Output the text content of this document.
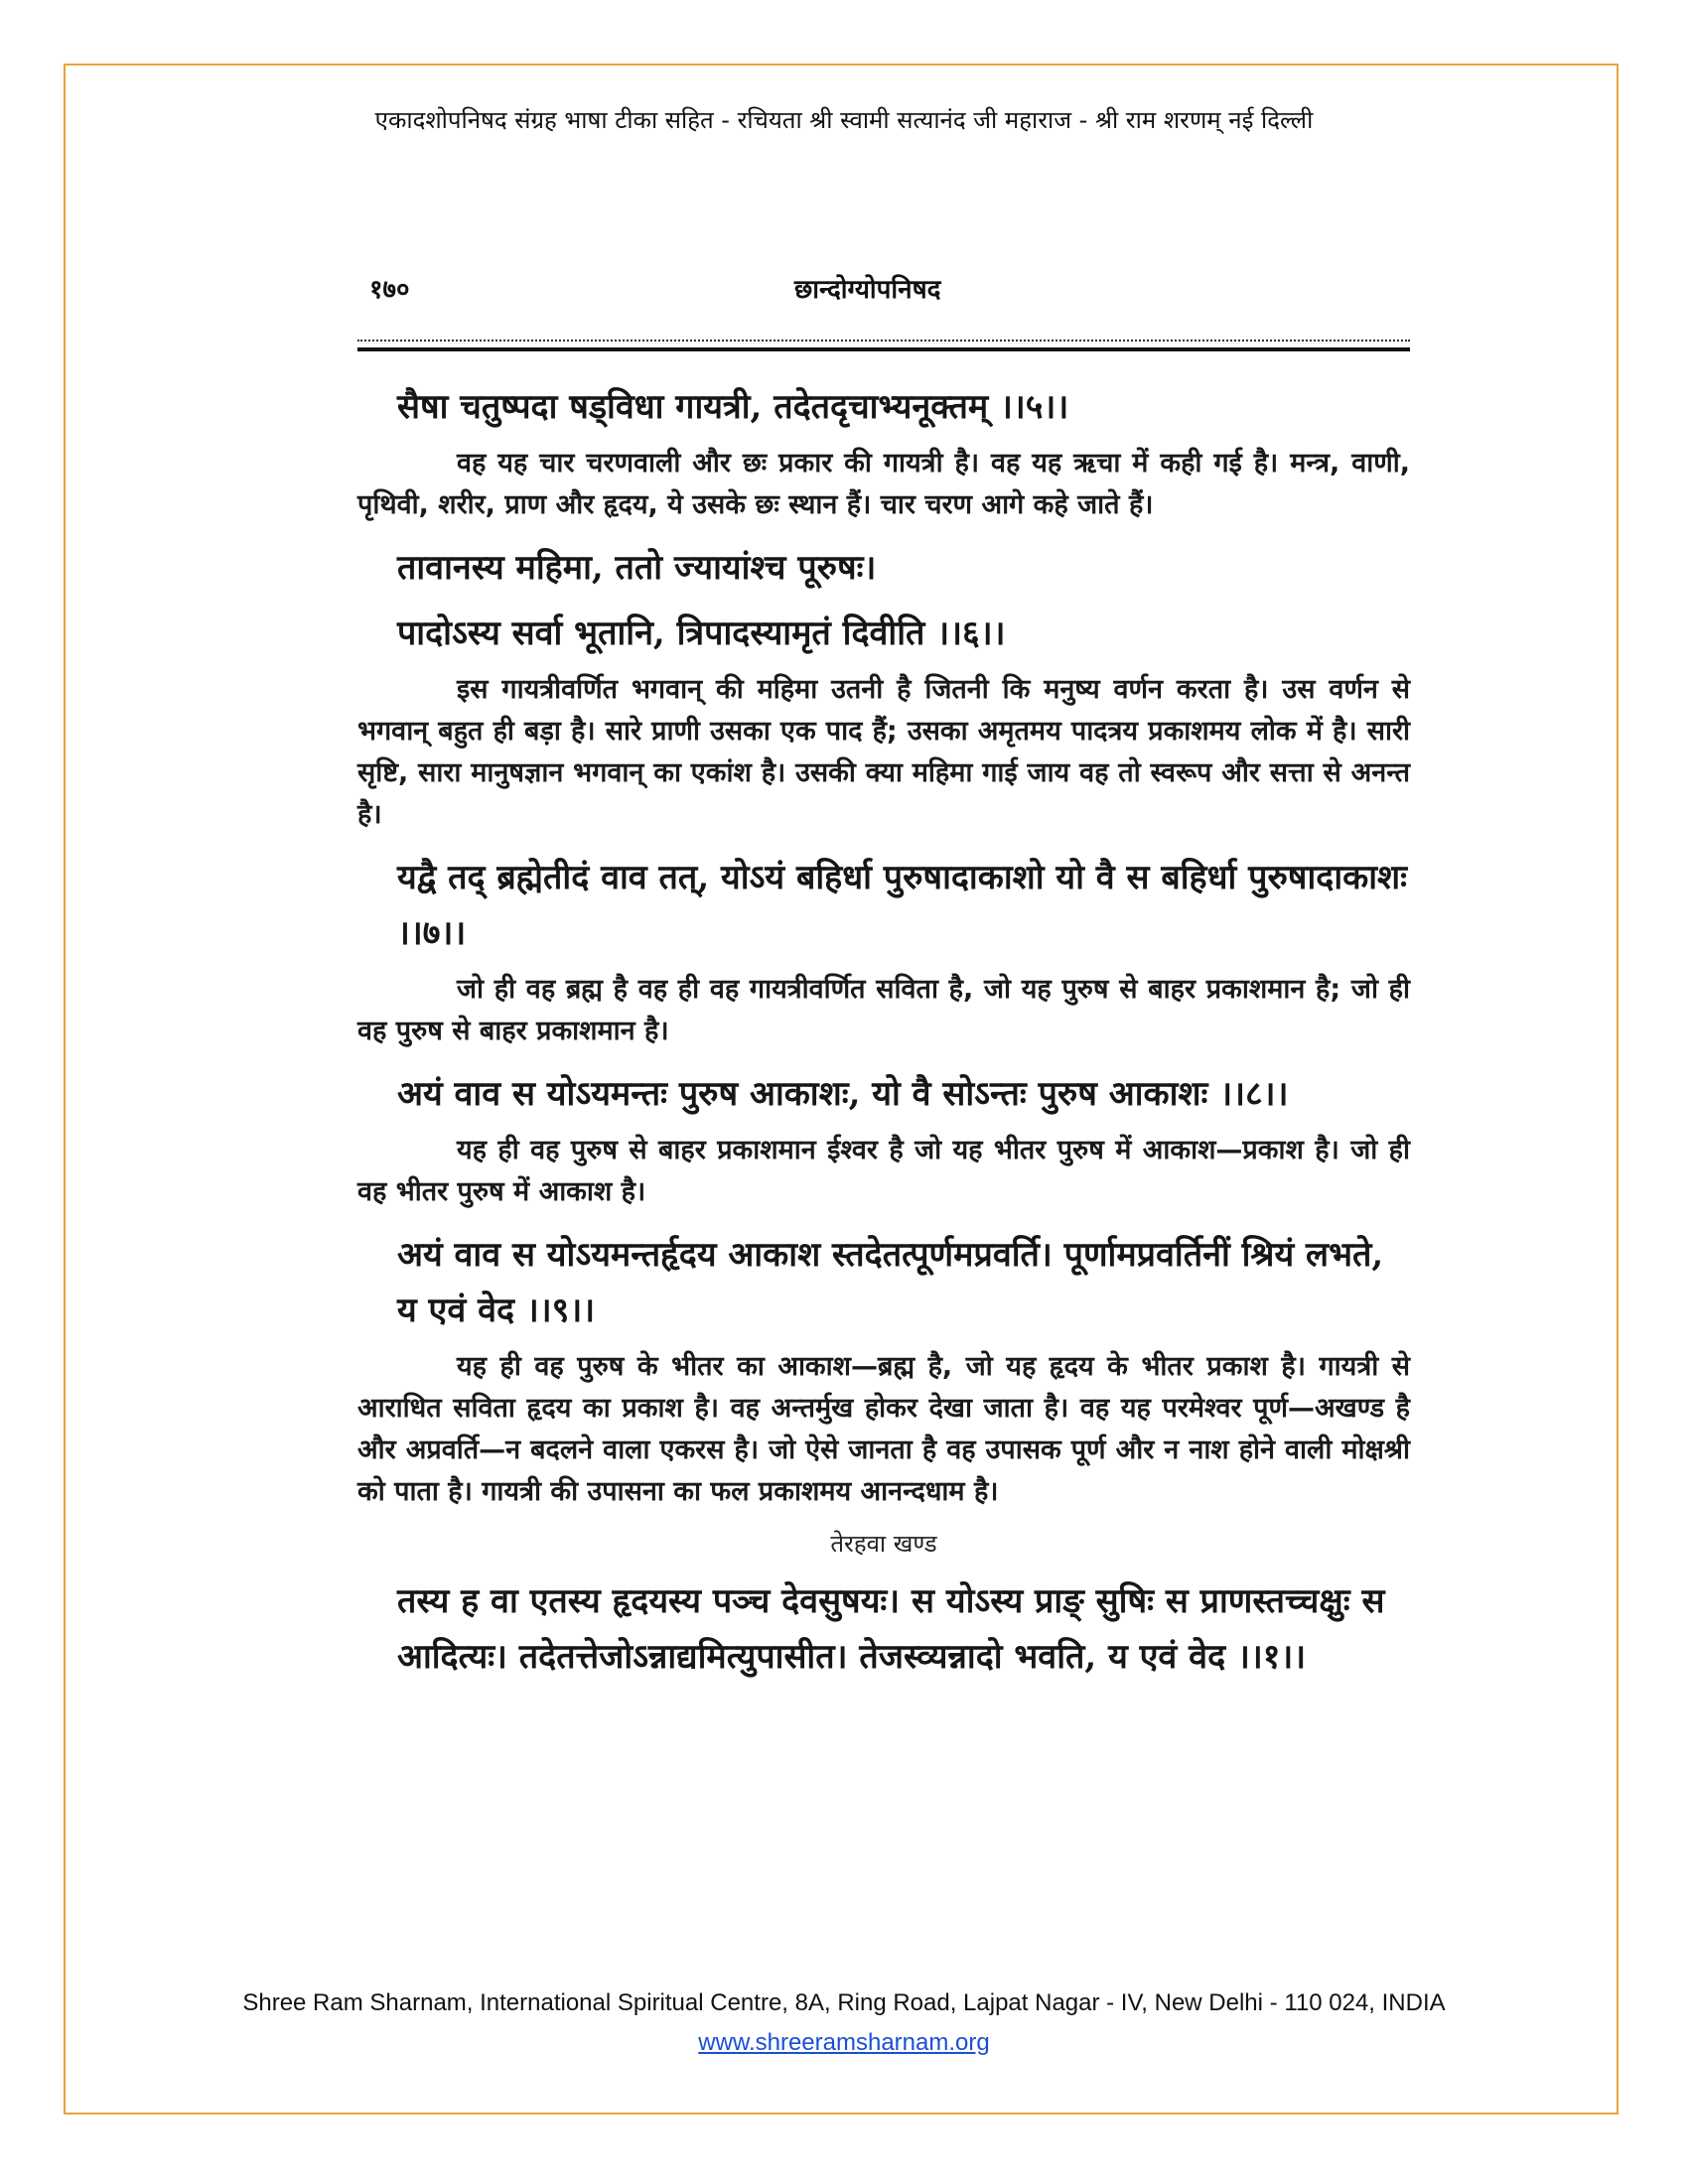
एकादशोपनिषद संग्रह भाषा टीका सहित - रचियता श्री स्वामी सत्यानंद जी महाराज - श्री राम शरणम् नई दिल्ली
१७०	छान्दोग्योपनिषद
सैषा चतुष्पदा षड्विधा गायत्री, तदेतदृचाभ्यनूक्तम् ।।५।।
वह यह चार चरणवाली और छः प्रकार की गायत्री है। वह यह ऋचा में कही गई है। मन्त्र, वाणी, पृथिवी, शरीर, प्राण और हृदय, ये उसके छः स्थान हैं। चार चरण आगे कहे जाते हैं।
तावानस्य महिमा, ततो ज्यायांश्च पूरुषः।
पादोऽस्य सर्वा भूतानि, त्रिपादस्यामृतं दिवीति ।।६।।
इस गायत्रीवर्णित भगवान् की महिमा उतनी है जितनी कि मनुष्य वर्णन करता है। उस वर्णन से भगवान् बहुत ही बड़ा है। सारे प्राणी उसका एक पाद हैं; उसका अमृतमय पादत्रय प्रकाशमय लोक में है। सारी सृष्टि, सारा मानुषज्ञान भगवान् का एकांश है। उसकी क्या महिमा गाई जाय वह तो स्वरूप और सत्ता से अनन्त है।
यद्वै तद् ब्रह्मेतीदं वाव तत्, योऽयं बहिर्धा पुरुषादाकाशो यो वै स बहिर्धा पुरुषादाकाशः ।।७।।
जो ही वह ब्रह्म है वह ही वह गायत्रीवर्णित सविता है, जो यह पुरुष से बाहर प्रकाशमान है; जो ही वह पुरुष से बाहर प्रकाशमान है।
अयं वाव स योऽयमन्तः पुरुष आकाशः, यो वै सोऽन्तः पुरुष आकाशः ।।८।।
यह ही वह पुरुष से बाहर प्रकाशमान ईश्वर है जो यह भीतर पुरुष में आकाश—प्रकाश है। जो ही वह भीतर पुरुष में आकाश है।
अयं वाव स योऽयमन्तर्हृदय आकाश स्तदेतत्पूर्णमप्रवर्ति। पूर्णामप्रवर्तिनीं श्रियं लभते, य एवं वेद ।।९।।
यह ही वह पुरुष के भीतर का आकाश—ब्रह्म है, जो यह हृदय के भीतर प्रकाश है। गायत्री से आराधित सविता हृदय का प्रकाश है। वह अन्तर्मुख होकर देखा जाता है। वह यह परमेश्वर पूर्ण—अखण्ड है और अप्रवर्ति—न बदलने वाला एकरस है। जो ऐसे जानता है वह उपासक पूर्ण और न नाश होने वाली मोक्षश्री को पाता है। गायत्री की उपासना का फल प्रकाशमय आनन्दधाम है।
तेरहवा खण्ड
तस्य ह वा एतस्य हृदयस्य पञ्च देवसुषयः। स योऽस्य प्राङ् सुषिः स प्राणस्तच्चक्षुः स आदित्यः। तदेतत्तेजोऽन्नाद्यमित्युपासीत। तेजस्व्यन्नादो भवति, य एवं वेद ।।१।।
Shree Ram Sharnam, International Spiritual Centre, 8A, Ring Road, Lajpat Nagar - IV, New Delhi - 110 024, INDIA
www.shreeramsharnam.org
